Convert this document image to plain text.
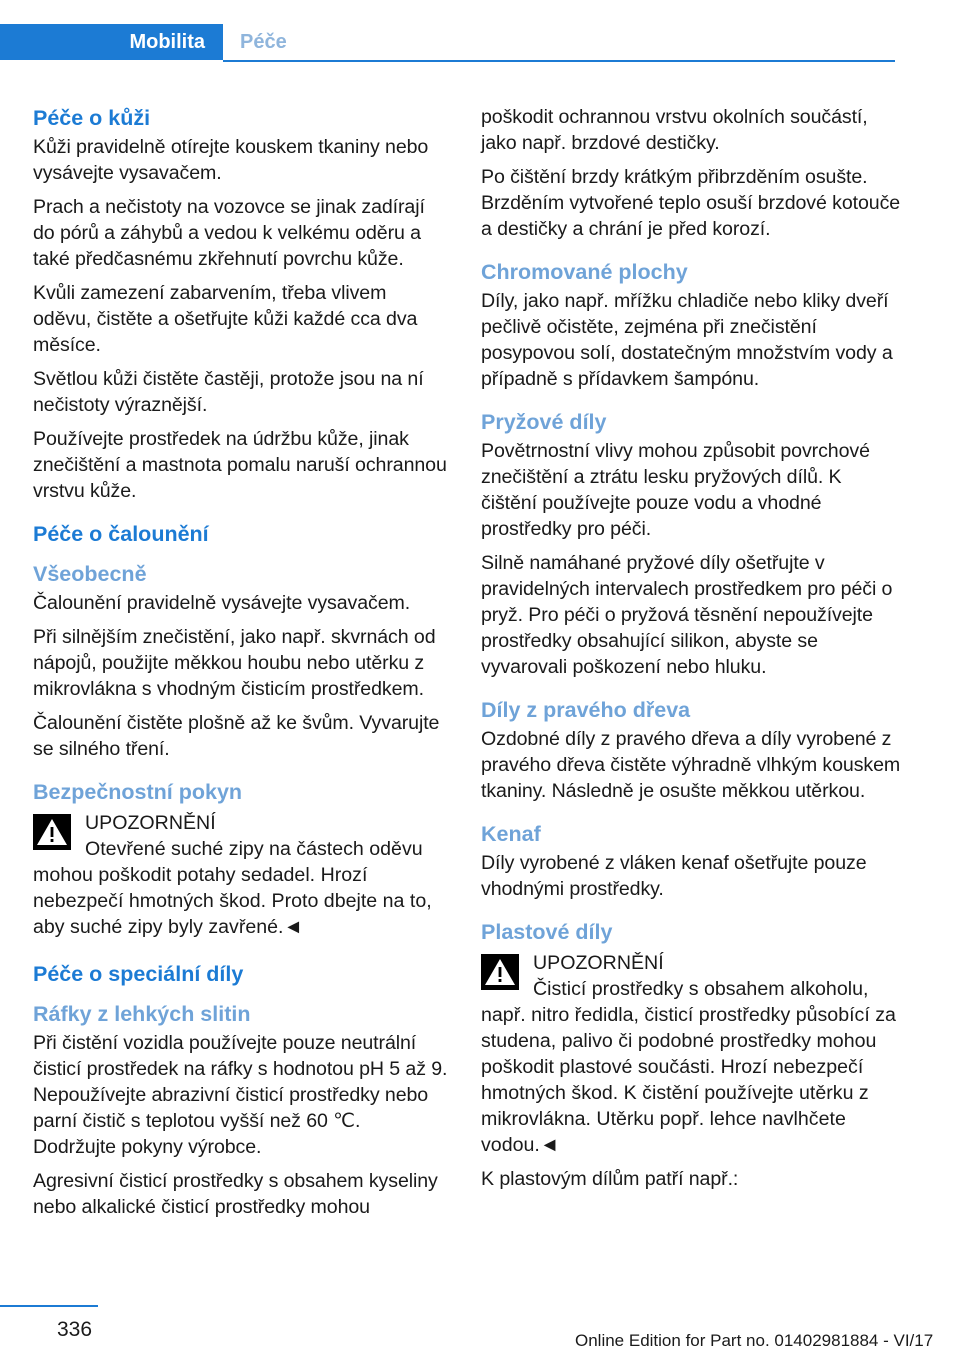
Mobilita	Péče
Péče o kůži

Kůži pravidelně otírejte kouskem tkaniny nebo vysávejte vysavačem.

Prach a nečistoty na vozovce se jinak zadírají do pórů a záhybů a vedou k velkému oděru a také předčasnému zkřehnutí povrchu kůže.

Kvůli zamezení zabarvením, třeba vlivem oděvu, čistěte a ošetřujte kůži každé cca dva měsíce.

Světlou kůži čistěte častěji, protože jsou na ní nečistoty výraznější.

Používejte prostředek na údržbu kůže, jinak znečištění a mastnota pomalu naruší ochrannou vrstvu kůže.

Péče o čalounění
Všeobecně

Čalounění pravidelně vysávejte vysavačem.

Při silnějším znečistění, jako např. skvrnách od nápojů, použijte měkkou houbu nebo utěrku z mikrovlákna s vhodným čisticím prostředkem.

Čalounění čistěte plošně až ke švům. Vyvarujte se silného tření.

Bezpečnostní pokyn
UPOZORNĚNÍ
Otevřené suché zipy na částech oděvu
mohou poškodit potahy sedadel. Hrozí nebezpečí hmotných škod. Proto dbejte na to, aby suché zipy byly zavřené.◄
Péče o speciální díly
Ráfky z lehkých slitin

Při čistění vozidla používejte pouze neutrální čisticí prostředek na ráfky s hodnotou pH 5 až 9. Nepoužívejte abrazivní čisticí prostředky nebo parní čistič s teplotou vyšší než 60 ℃. Dodržujte pokyny výrobce.

Agresivní čisticí prostředky s obsahem kyseliny nebo alkalické čisticí prostředky mohou

poškodit ochrannou vrstvu okolních součástí, jako např. brzdové destičky.

Po čištění brzdy krátkým přibrzděním osušte. Brzděním vytvořené teplo osuší brzdové kotouče a destičky a chrání je před korozí.

Chromované plochy

Díly, jako např. mřížku chladiče nebo kliky dveří pečlivě očistěte, zejména při znečistění posypovou solí, dostatečným množstvím vody a případně s přídavkem šampónu.

Pryžové díly

Povětrnostní vlivy mohou způsobit povrchové znečištění a ztrátu lesku pryžových dílů. K čištění používejte pouze vodu a vhodné prostředky pro péči.

Silně namáhané pryžové díly ošetřujte v pravidelných intervalech prostředkem pro péči o pryž. Pro péči o pryžová těsnění nepoužívejte prostředky obsahující silikon, abyste se vyvarovali poškození nebo hluku.

Díly z pravého dřeva

Ozdobné díly z pravého dřeva a díly vyrobené z pravého dřeva čistěte výhradně vlhkým kouskem tkaniny. Následně je osušte měkkou utěrkou.

Kenaf

Díly vyrobené z vláken kenaf ošetřujte pouze vhodnými prostředky.

Plastové díly
UPOZORNĚNÍ
Čisticí prostředky s obsahem alkoholu,
např. nitro ředidla, čisticí prostředky působící za studena, palivo či podobné prostředky mohou poškodit plastové součásti. Hrozí nebezpečí hmotných škod. K čistění používejte utěrku z mikrovlákna. Utěrku popř. lehce navlhčete vodou.◄

K plastovým dílům patří např.:

336	Online Edition for Part no. 01402981884 - VI/17
